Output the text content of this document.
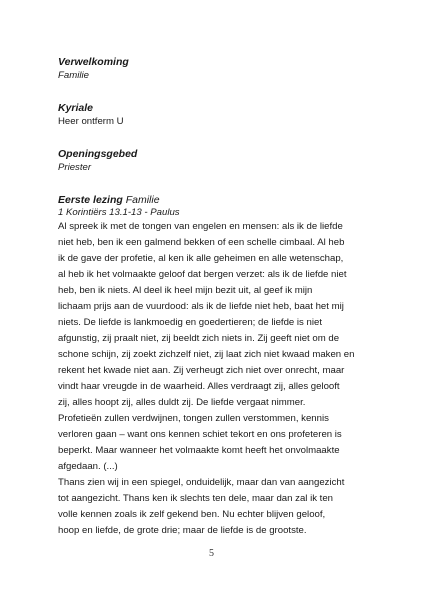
Verwelkoming

Familie

Kyriale

Heer ontferm U

Openingsgebed

Priester

Eerste lezing Familie

1 Korintiërs 13.1-13 - Paulus

Al spreek ik met de tongen van engelen en mensen: als ik de liefde

niet heb, ben ik een galmend bekken of een schelle cimbaal. Al heb

ik de gave der profetie, al ken ik alle geheimen en alle wetenschap,

al heb ik het volmaakte geloof dat bergen verzet: als ik de liefde niet

heb, ben ik niets. Al deel ik heel mijn bezit uit, al geef ik mijn

lichaam prijs aan de vuurdood: als ik de liefde niet heb, baat het mij

niets. De liefde is lankmoedig en goedertieren; de liefde is niet

afgunstig, zij praalt niet, zij beeldt zich niets in. Zij geeft niet om de

schone schijn, zij zoekt zichzelf niet, zij laat zich niet kwaad maken en

rekent het kwade niet aan. Zij verheugt zich niet over onrecht, maar

vindt haar vreugde in de waarheid. Alles verdraagt zij, alles gelooft

zij, alles hoopt zij, alles duldt zij. De liefde vergaat nimmer.

Profetieën zullen verdwijnen, tongen zullen verstommen, kennis

verloren gaan – want ons kennen schiet tekort en ons profeteren is

beperkt. Maar wanneer het volmaakte komt heeft het onvolmaakte

afgedaan. (...)

Thans zien wij in een spiegel, onduidelijk, maar dan van aangezicht

tot aangezicht. Thans ken ik slechts ten dele, maar dan zal ik ten

volle kennen zoals ik zelf gekend ben. Nu echter blijven geloof,

hoop en liefde, de grote drie; maar de liefde is de grootste.

5
